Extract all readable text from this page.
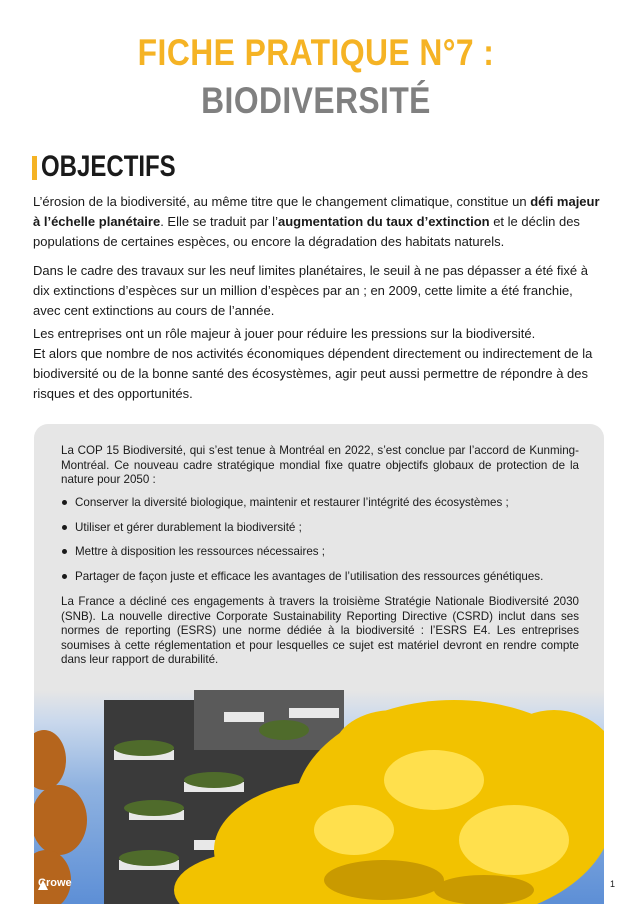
FICHE PRATIQUE N°7 :
BIODIVERSITÉ
OBJECTIFS
L’érosion de la biodiversité, au même titre que le changement climatique, constitue un défi majeur à l’échelle planétaire. Elle se traduit par l’augmentation du taux d’extinction et le déclin des populations de certaines espèces, ou encore la dégradation des habitats naturels.
Dans le cadre des travaux sur les neuf limites planétaires, le seuil à ne pas dépasser a été fixé à dix extinctions d’espèces sur un million d’espèces par an ; en 2009, cette limite a été franchie, avec cent extinctions au cours de l’année.
Les entreprises ont un rôle majeur à jouer pour réduire les pressions sur la biodiversité.
Et alors que nombre de nos activités économiques dépendent directement ou indirectement de la biodiversité ou de la bonne santé des écosystèmes, agir peut aussi permettre de répondre à des risques et des opportunités.
La COP 15 Biodiversité, qui s’est tenue à Montréal en 2022, s’est conclue par l’accord de Kunming-Montréal. Ce nouveau cadre stratégique mondial fixe quatre objectifs globaux de protection de la nature pour 2050 :
Conserver la diversité biologique, maintenir et restaurer l’intégrité des écosystèmes ;
Utiliser et gérer durablement la biodiversité ;
Mettre à disposition les ressources nécessaires ;
Partager de façon juste et efficace les avantages de l’utilisation des ressources génétiques.
La France a décliné ces engagements à travers la troisième Stratégie Nationale Biodiversité 2030 (SNB). La nouvelle directive Corporate Sustainability Reporting Directive (CSRD) inclut dans ses normes de reporting (ESRS) une norme dédiée à la biodiversité : l’ESRS E4. Les entreprises soumises à cette réglementation et pour lesquelles ce sujet est matériel devront en rendre compte dans leur rapport de durabilité.
Crowe	1
